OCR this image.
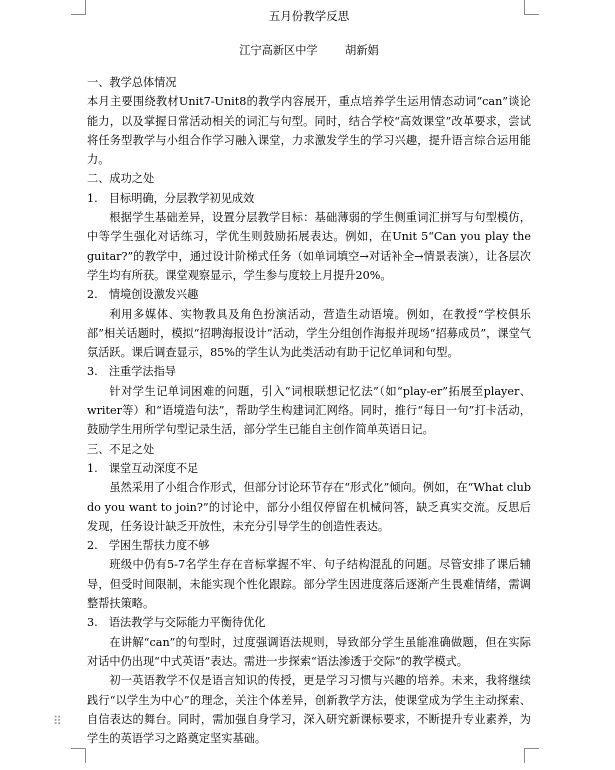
⠿
五月份教学反思
江宁高新区中学 胡新娟

一、教学总体情况

本月主要围绕教材Unit7-Unit8的教学内容展开，重点培养学生运用情态动词“can”谈论能力，以及掌握日常活动相关的词汇与句型。同时，结合学校“高效课堂”改革要求，尝试将任务型教学与小组合作学习融入课堂，力求激发学生的学习兴趣，提升语言综合运用能力。

二、成功之处

1.　目标明确，分层教学初见成效

根据学生基础差异，设置分层教学目标：基础薄弱的学生侧重词汇拼写与句型模仿，中等学生强化对话练习，学优生则鼓励拓展表达。例如，在Unit 5“Can you play the guitar?”的教学中，通过设计阶梯式任务（如单词填空→对话补全→情景表演），让各层次学生均有所获。课堂观察显示，学生参与度较上月提升20%。

2.　情境创设激发兴趣

利用多媒体、实物教具及角色扮演活动，营造生动语境。例如，在教授“学校俱乐部”相关话题时，模拟“招聘海报设计”活动，学生分组创作海报并现场“招募成员”，课堂气氛活跃。课后调查显示，85%的学生认为此类活动有助于记忆单词和句型。

3.　注重学法指导

针对学生记单词困难的问题，引入“词根联想记忆法”（如“play-er”拓展至player、writer等）和“语境造句法”，帮助学生构建词汇网络。同时，推行“每日一句”打卡活动，鼓励学生用所学句型记录生活，部分学生已能自主创作简单英语日记。

三、不足之处

1.　课堂互动深度不足

虽然采用了小组合作形式，但部分讨论环节存在“形式化”倾向。例如，在“What club do you want to join?”的讨论中，部分小组仅停留在机械问答，缺乏真实交流。反思后发现，任务设计缺乏开放性，未充分引导学生的创造性表达。

2.　学困生帮扶力度不够

班级中仍有5-7名学生存在音标掌握不牢、句子结构混乱的问题。尽管安排了课后辅导，但受时间限制，未能实现个性化跟踪。部分学生因进度落后逐渐产生畏难情绪，需调整帮扶策略。

3.　语法教学与交际能力平衡待优化

在讲解“can”的句型时，过度强调语法规则，导致部分学生虽能准确做题，但在实际对话中仍出现“中式英语”表达。需进一步探索“语法渗透于交际”的教学模式。

初一英语教学不仅是语言知识的传授，更是学习习惯与兴趣的培养。未来，我将继续践行“以学生为中心”的理念，关注个体差异，创新教学方法，使课堂成为学生主动探索、自信表达的舞台。同时，需加强自身学习，深入研究新课标要求，不断提升专业素养，为学生的英语学习之路奠定坚实基础。
